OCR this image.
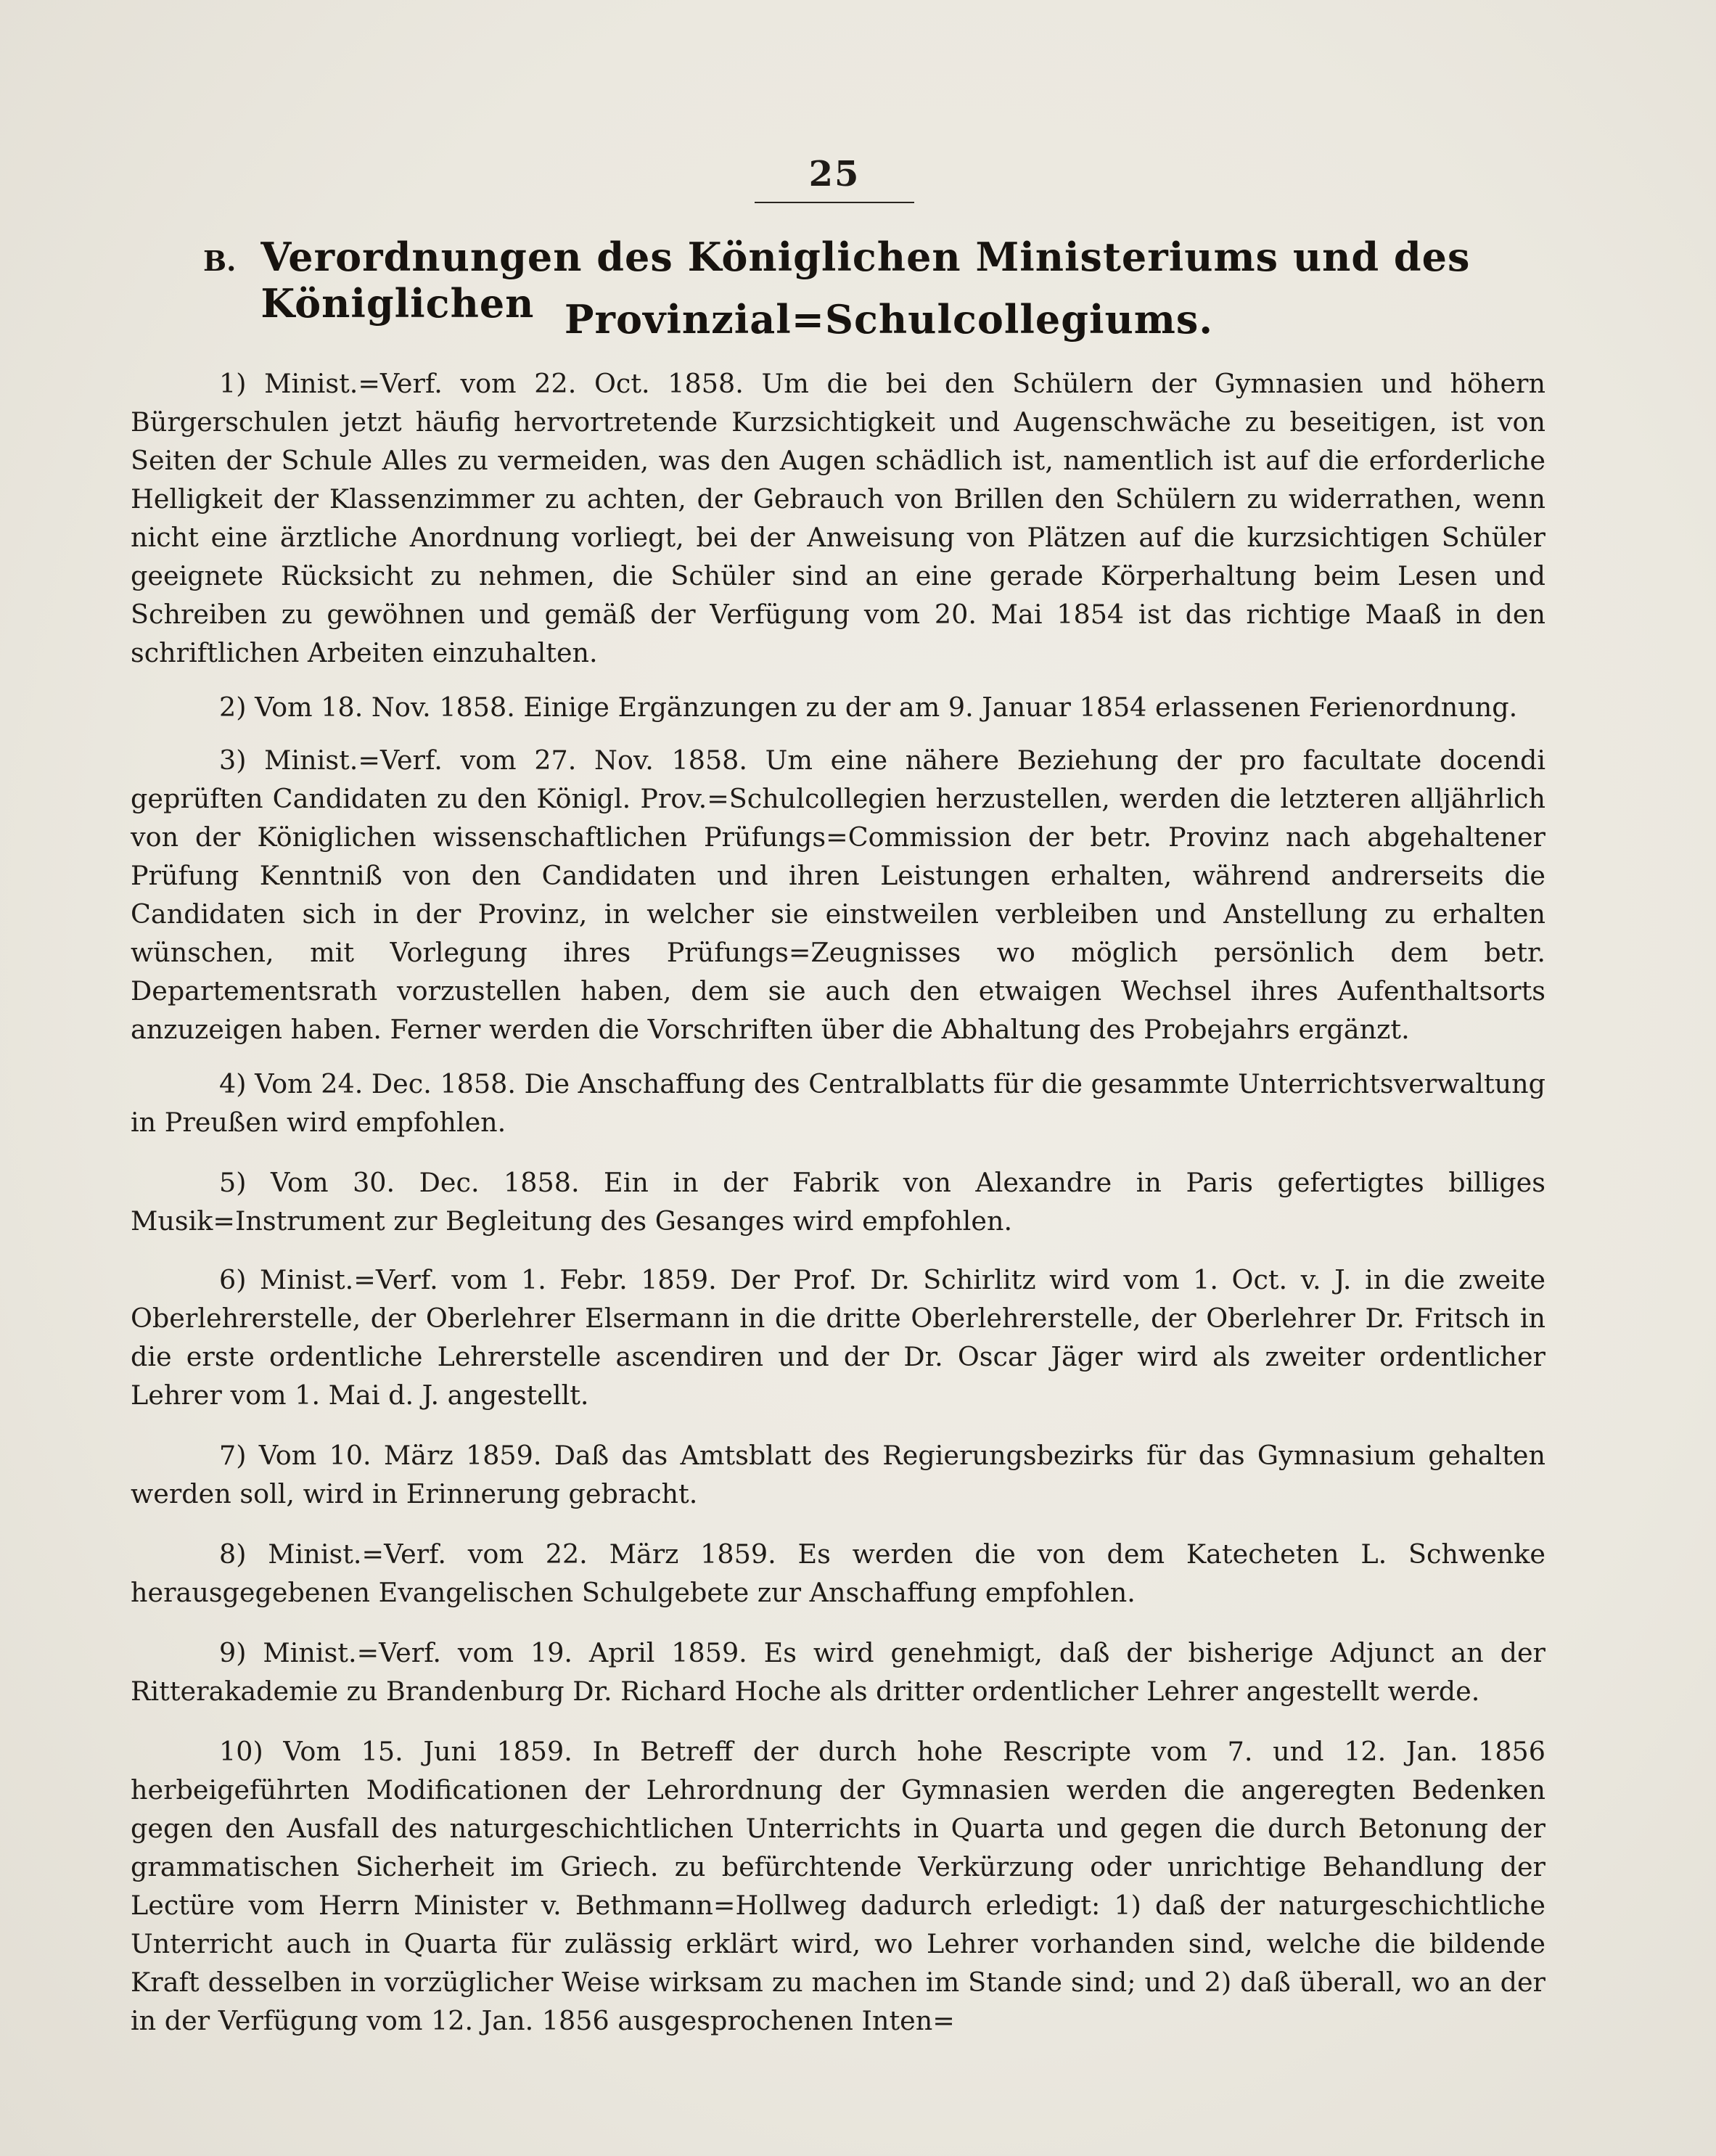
25
B. Verordnungen des Königlichen Ministeriums und des Königlichen Provinzial=Schulcollegiums.

1) Minist.=Verf. vom 22. Oct. 1858. Um die bei den Schülern der Gymnasien und höhern Bürgerschulen jetzt häufig hervortretende Kurzsichtigkeit und Augenschwäche zu beseitigen, ist von Seiten der Schule Alles zu vermeiden, was den Augen schädlich ist, namentlich ist auf die erforderliche Helligkeit der Klassenzimmer zu achten, der Gebrauch von Brillen den Schülern zu widerrathen, wenn nicht eine ärztliche Anordnung vorliegt, bei der Anweisung von Plätzen auf die kurzsichtigen Schüler geeignete Rücksicht zu nehmen, die Schüler sind an eine gerade Körperhaltung beim Lesen und Schreiben zu gewöhnen und gemäß der Verfügung vom 20. Mai 1854 ist das richtige Maaß in den schriftlichen Arbeiten einzuhalten.

2) Vom 18. Nov. 1858. Einige Ergänzungen zu der am 9. Januar 1854 erlassenen Ferienordnung.

3) Minist.=Verf. vom 27. Nov. 1858. Um eine nähere Beziehung der pro facultate docendi geprüften Candidaten zu den Königl. Prov.=Schulcollegien herzustellen, werden die letzteren alljährlich von der Königlichen wissenschaftlichen Prüfungs=Commission der betr. Provinz nach abgehaltener Prüfung Kenntniß von den Candidaten und ihren Leistungen erhalten, während andrerseits die Candidaten sich in der Provinz, in welcher sie einstweilen verbleiben und Anstellung zu erhalten wünschen, mit Vorlegung ihres Prüfungs=Zeugnisses wo möglich persönlich dem betr. Departementsrath vorzustellen haben, dem sie auch den etwaigen Wechsel ihres Aufenthaltsorts anzuzeigen haben. Ferner werden die Vorschriften über die Abhaltung des Probejahrs ergänzt.

4) Vom 24. Dec. 1858. Die Anschaffung des Centralblatts für die gesammte Unterrichtsverwaltung in Preußen wird empfohlen.

5) Vom 30. Dec. 1858. Ein in der Fabrik von Alexandre in Paris gefertigtes billiges Musik=Instrument zur Begleitung des Gesanges wird empfohlen.

6) Minist.=Verf. vom 1. Febr. 1859. Der Prof. Dr. Schirlitz wird vom 1. Oct. v. J. in die zweite Oberlehrerstelle, der Oberlehrer Elsermann in die dritte Oberlehrerstelle, der Oberlehrer Dr. Fritsch in die erste ordentliche Lehrerstelle ascendiren und der Dr. Oscar Jäger wird als zweiter ordentlicher Lehrer vom 1. Mai d. J. angestellt.

7) Vom 10. März 1859. Daß das Amtsblatt des Regierungsbezirks für das Gymnasium gehalten werden soll, wird in Erinnerung gebracht.

8) Minist.=Verf. vom 22. März 1859. Es werden die von dem Katecheten L. Schwenke herausgegebenen Evangelischen Schulgebete zur Anschaffung empfohlen.

9) Minist.=Verf. vom 19. April 1859. Es wird genehmigt, daß der bisherige Adjunct an der Ritterakademie zu Brandenburg Dr. Richard Hoche als dritter ordentlicher Lehrer angestellt werde.

10) Vom 15. Juni 1859. In Betreff der durch hohe Rescripte vom 7. und 12. Jan. 1856 herbeigeführten Modificationen der Lehrordnung der Gymnasien werden die angeregten Bedenken gegen den Ausfall des naturgeschichtlichen Unterrichts in Quarta und gegen die durch Betonung der grammatischen Sicherheit im Griech. zu befürchtende Verkürzung oder unrichtige Behandlung der Lectüre vom Herrn Minister v. Bethmann=Hollweg dadurch erledigt: 1) daß der naturgeschichtliche Unterricht auch in Quarta für zulässig erklärt wird, wo Lehrer vorhanden sind, welche die bildende Kraft desselben in vorzüglicher Weise wirksam zu machen im Stande sind; und 2) daß überall, wo an der in der Verfügung vom 12. Jan. 1856 ausgesprochenen Inten=
